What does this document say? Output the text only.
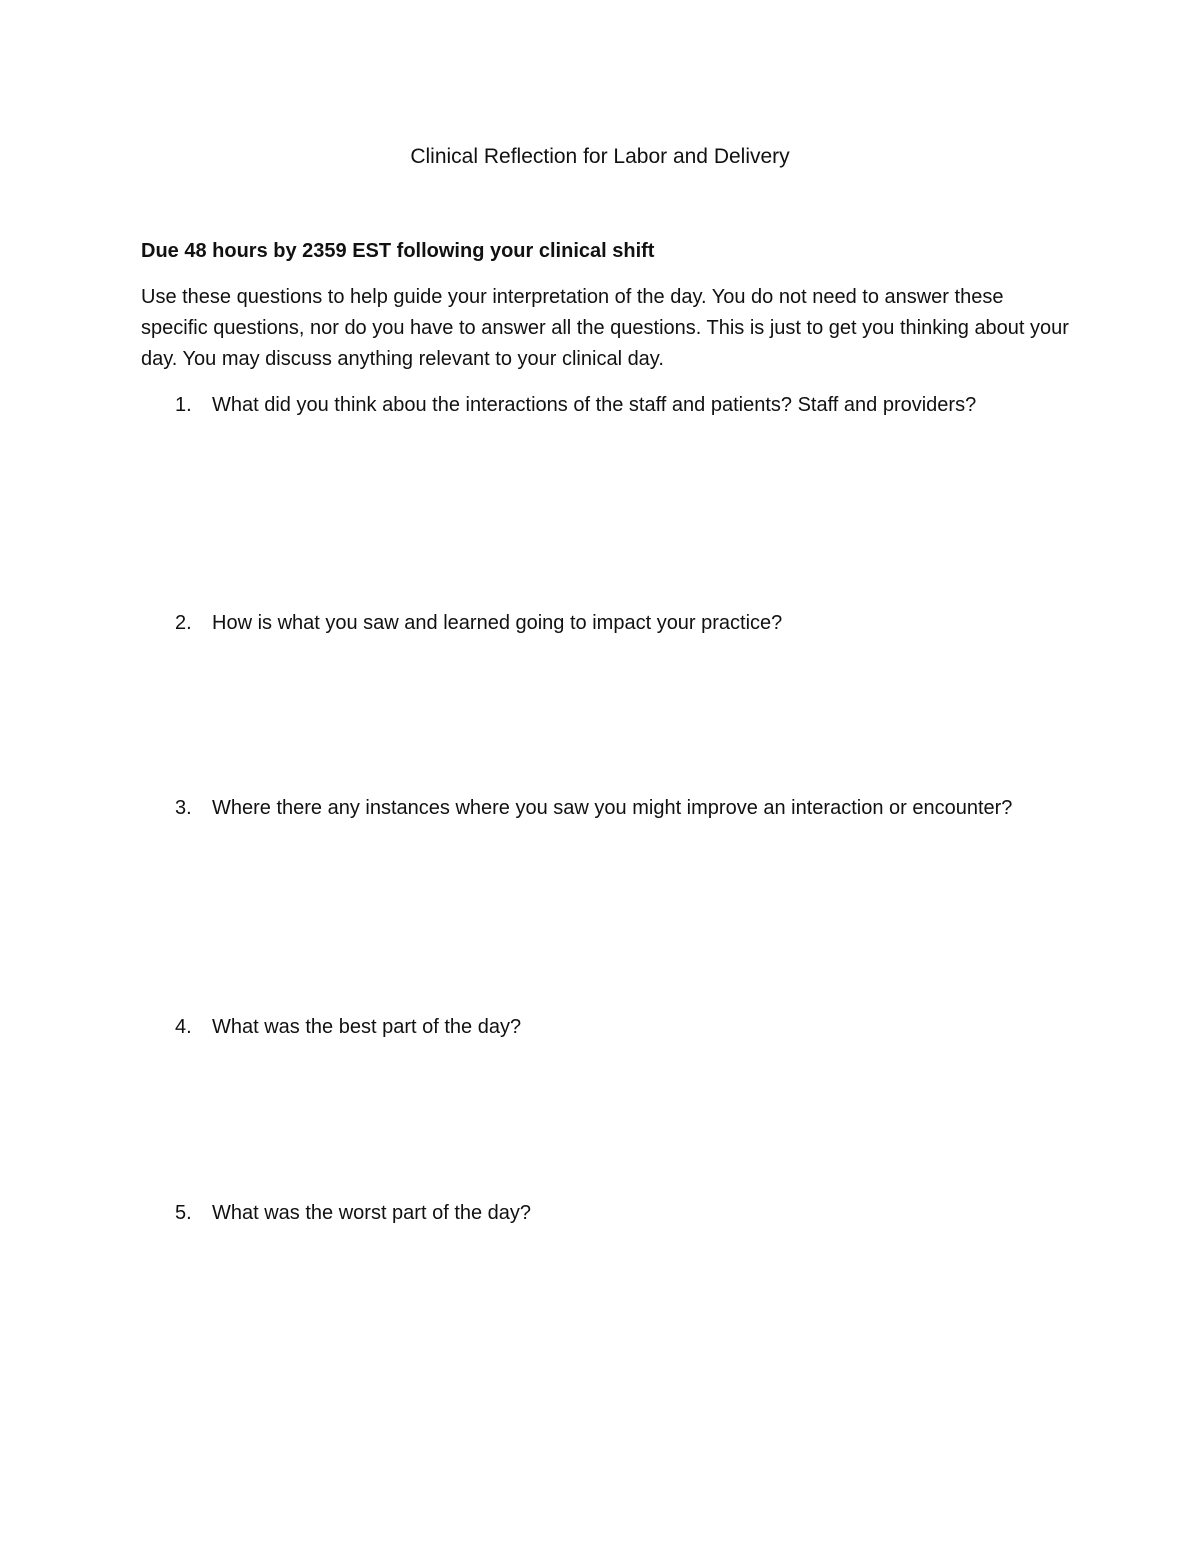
Clinical Reflection for Labor and Delivery
Due 48 hours by 2359 EST following your clinical shift
Use these questions to help guide your interpretation of the day. You do not need to answer these specific questions, nor do you have to answer all the questions. This is just to get you thinking about your day. You may discuss anything relevant to your clinical day.
1. What did you think abou the interactions of the staff and patients? Staff and providers?
2. How is what you saw and learned going to impact your practice?
3. Where there any instances where you saw you might improve an interaction or encounter?
4. What was the best part of the day?
5. What was the worst part of the day?
